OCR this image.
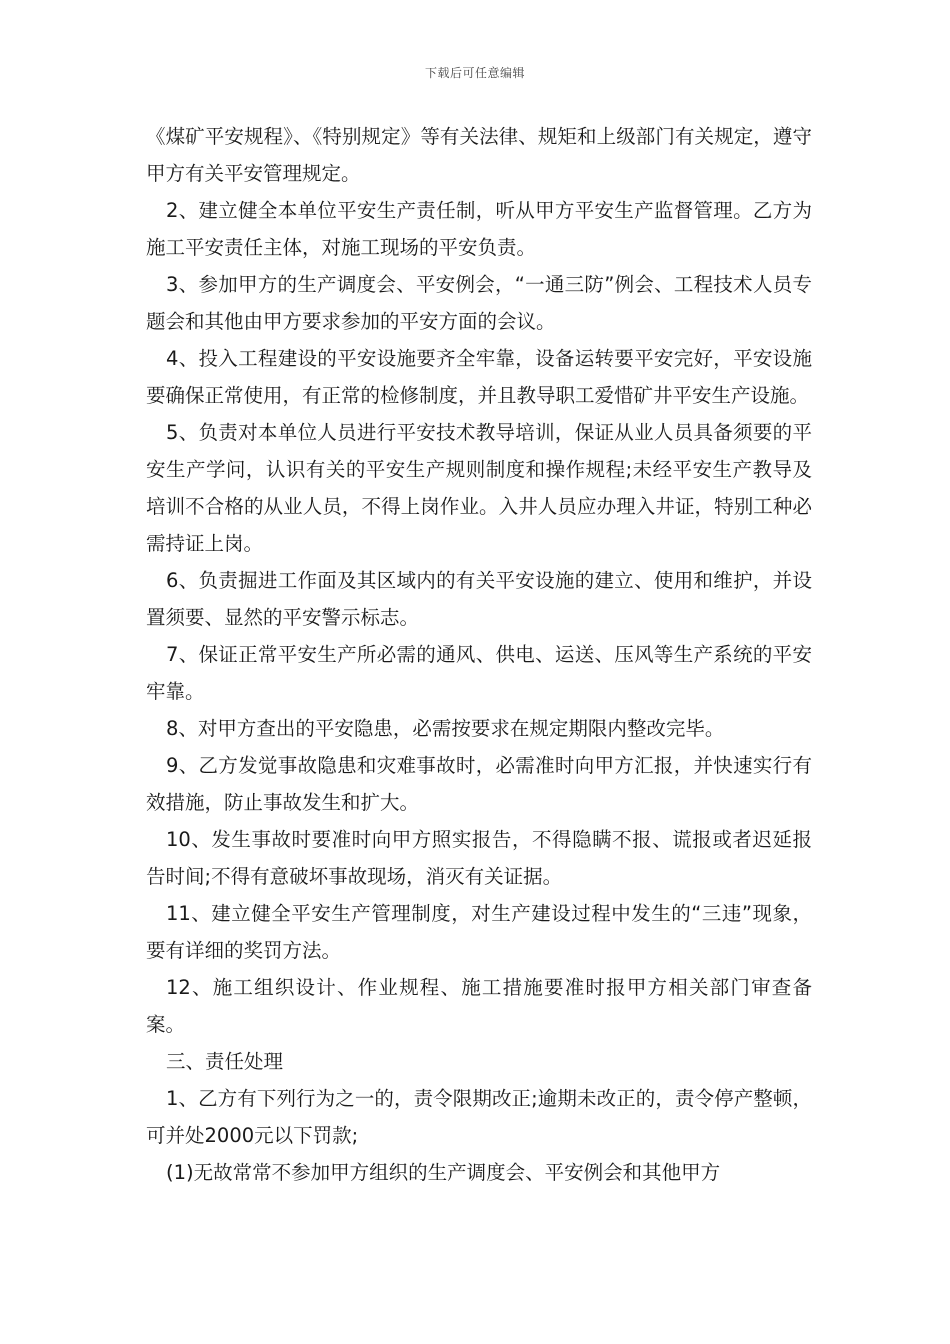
下载后可任意编辑

《煤矿平安规程》、《特别规定》等有关法律、规矩和上级部门有关规定，遵守甲方有关平安管理规定。

2、建立健全本单位平安生产责任制，听从甲方平安生产监督管理。乙方为施工平安责任主体，对施工现场的平安负责。

3、参加甲方的生产调度会、平安例会，“一通三防”例会、工程技术人员专题会和其他由甲方要求参加的平安方面的会议。

4、投入工程建设的平安设施要齐全牢靠，设备运转要平安完好，平安设施要确保正常使用，有正常的检修制度，并且教导职工爱惜矿井平安生产设施。

5、负责对本单位人员进行平安技术教导培训，保证从业人员具备须要的平安生产学问，认识有关的平安生产规则制度和操作规程;未经平安生产教导及培训不合格的从业人员，不得上岗作业。入井人员应办理入井证，特别工种必需持证上岗。

6、负责掘进工作面及其区域内的有关平安设施的建立、使用和维护，并设置须要、显然的平安警示标志。

7、保证正常平安生产所必需的通风、供电、运送、压风等生产系统的平安牢靠。

8、对甲方查出的平安隐患，必需按要求在规定期限内整改完毕。

9、乙方发觉事故隐患和灾难事故时，必需准时向甲方汇报，并快速实行有效措施，防止事故发生和扩大。

10、发生事故时要准时向甲方照实报告，不得隐瞒不报、谎报或者迟延报告时间;不得有意破坏事故现场，消灭有关证据。

11、建立健全平安生产管理制度，对生产建设过程中发生的“三违”现象，要有详细的奖罚方法。

12、施工组织设计、作业规程、施工措施要准时报甲方相关部门审查备案。

三、责任处理

1、乙方有下列行为之一的，责令限期改正;逾期未改正的，责令停产整顿，可并处2000元以下罚款;

(1)无故常常不参加甲方组织的生产调度会、平安例会和其他甲方
